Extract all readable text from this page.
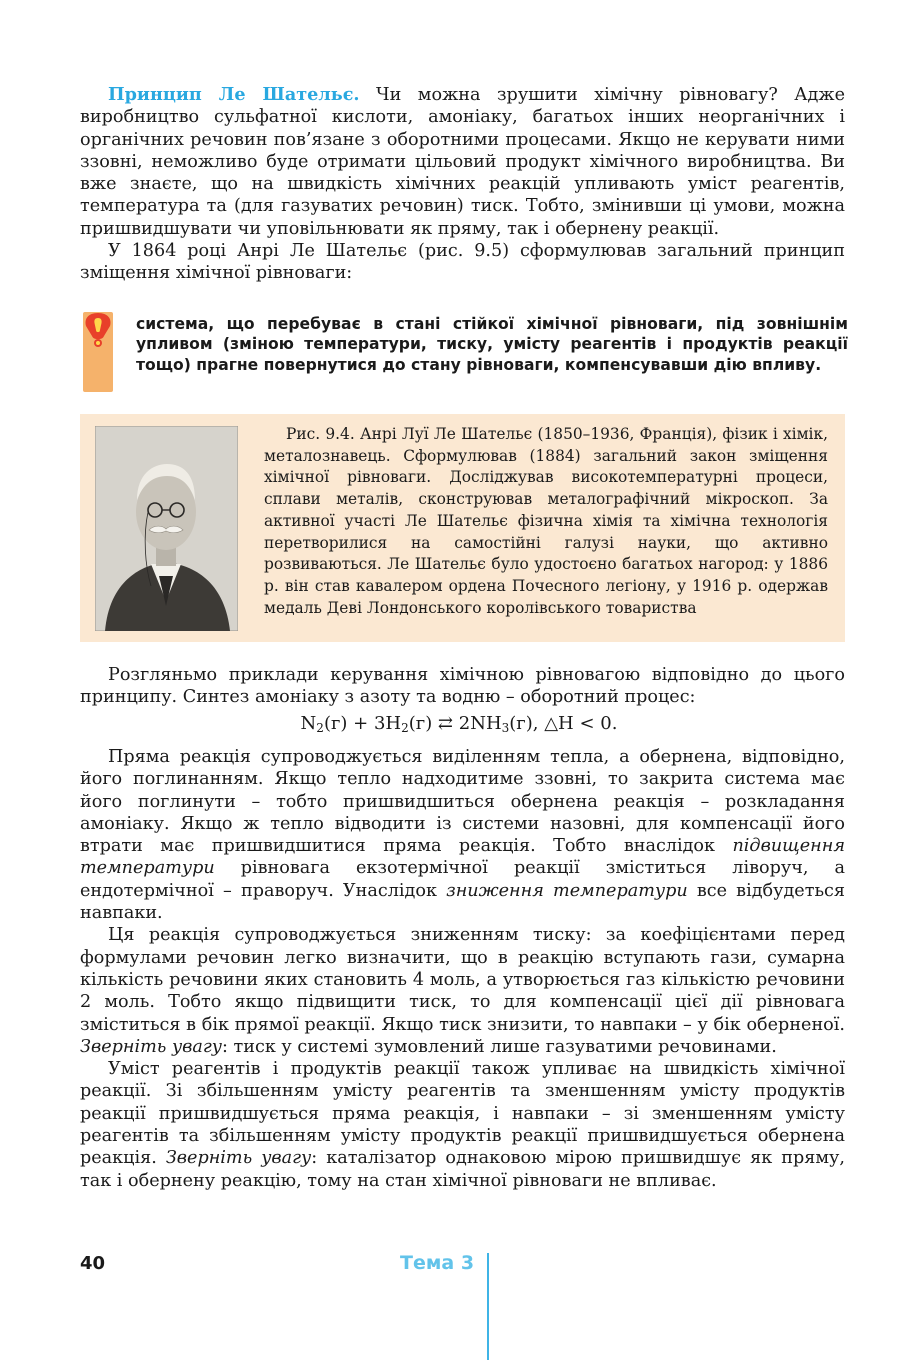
Принцип Ле Шательє. Чи можна зрушити хімічну рівновагу? Адже виробництво сульфатної кислоти, амоніаку, багатьох інших неорганічних і органічних речовин пов’язане з оборотними процесами. Якщо не керувати ними ззовні, неможливо буде отримати цільовий продукт хімічного виробництва. Ви вже знаєте, що на швидкість хімічних реакцій упливають уміст реагентів, температура та (для газуватих речовин) тиск. Тобто, змінивши ці умови, можна пришвидшувати чи уповільнювати як пряму, так і обернену реакції.

У 1864 році Анрі Ле Шательє (рис. 9.5) сформулював загальний принцип зміщення хімічної рівноваги:

система, що перебуває в стані стійкої хімічної рівноваги, під зовнішнім упливом (зміною температури, тиску, умісту реагентів і продуктів реакції тощо) прагне повернутися до стану рівноваги, компенсувавши дію впливу.
Рис. 9.4. Анрі Луї Ле Шательє (1850–1936, Франція), фізик і хімік, металознавець. Сформулював (1884) загальний закон зміщення хімічної рівноваги. Досліджував високотемпературні процеси, сплави металів, сконструював металографічний мікроскоп. За активної участі Ле Шательє фізична хімія та хімічна технологія перетворилися на самостійні галузі науки, що активно розвиваються. Ле Шательє було удостоєно багатьох нагород: у 1886 р. він став кавалером ордена Почесного легіону, у 1916 р. одержав медаль Деві Лондонського королівського товариства

Розгляньмо приклади керування хімічною рівновагою відповідно до цього принципу. Синтез амоніаку з азоту та водню – оборотний процес:

$N_2(г) + 3H_2(г)$ ⇄ $2NH_3(г)$, △H < 0.

Пряма реакція супроводжується виділенням тепла, а обернена, відповідно, його поглинанням. Якщо тепло надходитиме ззовні, то закрита система має його поглинути – тобто пришвидшиться обернена реакція – розкладання амоніаку. Якщо ж тепло відводити із системи назовні, для компенсації його втрати має пришвидшитися пряма реакція. Тобто внаслідок підвищення температури рівновага екзотермічної реакції зміститься ліворуч, а ендотермічної – праворуч. Унаслідок зниження температури все відбудеться навпаки.

Ця реакція супроводжується зниженням тиску: за коефіцієнтами перед формулами речовин легко визначити, що в реакцію вступають гази, сумарна кількість речовини яких становить 4 моль, а утворюється газ кількістю речовини 2 моль. Тобто якщо підвищити тиск, то для компенсації цієї дії рівновага зміститься в бік прямої реакції. Якщо тиск знизити, то навпаки – у бік оберненої. Зверніть увагу: тиск у системі зумовлений лише газуватими речовинами.

Уміст реагентів і продуктів реакції також упливає на швидкість хімічної реакції. Зі збільшенням умісту реагентів та зменшенням умісту продуктів реакції пришвидшується пряма реакція, і навпаки – зі зменшенням умісту реагентів та збільшенням умісту продуктів реакції пришвидшується обернена реакція. Зверніть увагу: каталізатор однаковою мірою пришвидшує як пряму, так і обернену реакцію, тому на стан хімічної рівноваги не впливає.

40	Тема 3
